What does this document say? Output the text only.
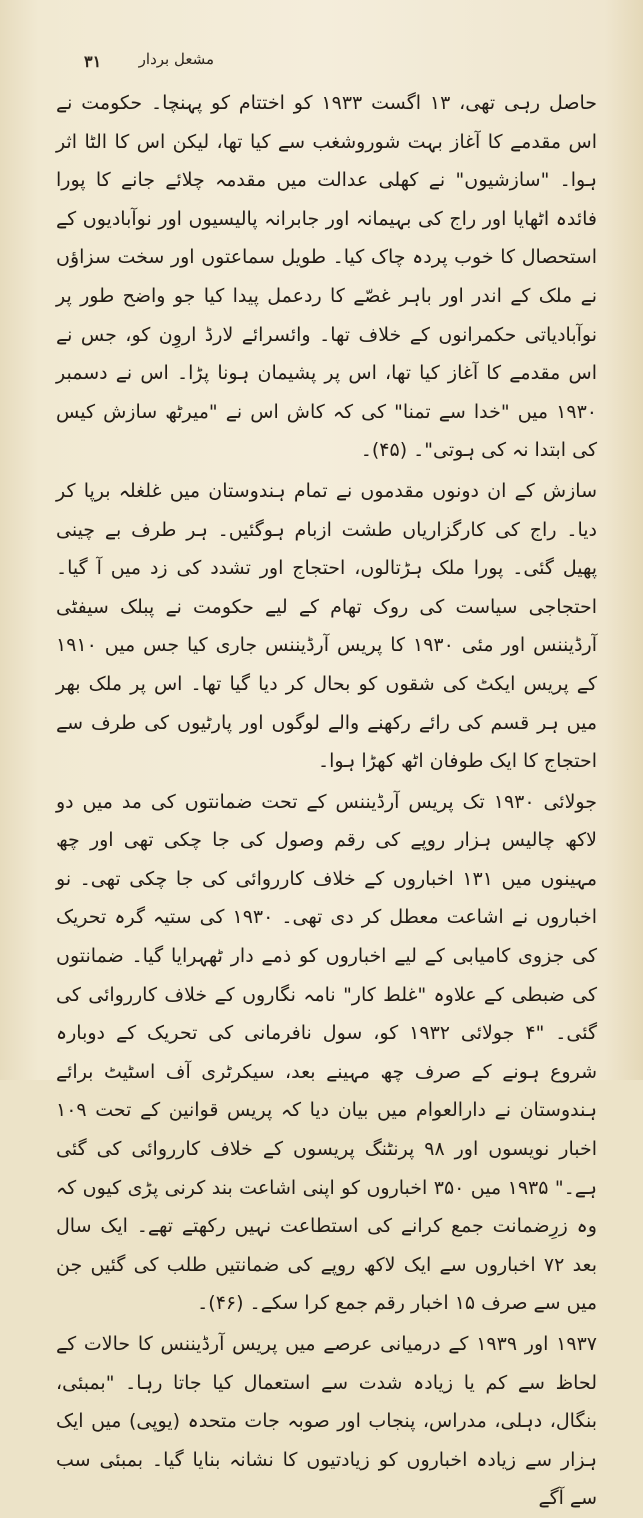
۳۱ مشعل بردار

حاصل رہی تھی، ۱۳ اگست ۱۹۳۳ کو اختتام کو پہنچا۔ حکومت نے اس مقدمے کا آغاز بہت شوروشغب سے کیا تھا، لیکن اس کا الٹا اثر ہوا۔ "سازشیوں" نے کھلی عدالت میں مقدمہ چلائے جانے کا پورا فائدہ اٹھایا اور راج کی بہیمانہ اور جابرانہ پالیسیوں اور نوآبادیوں کے استحصال کا خوب پردہ چاک کیا۔ طویل سماعتوں اور سخت سزاؤں نے ملک کے اندر اور باہر غصّے کا ردعمل پیدا کیا جو واضح طور پر نوآبادیاتی حکمرانوں کے خلاف تھا۔ وائسرائے لارڈ اروِن کو، جس نے اس مقدمے کا آغاز کیا تھا، اس پر پشیمان ہونا پڑا۔ اس نے دسمبر ۱۹۳۰ میں "خدا سے تمنا" کی کہ کاش اس نے "میرٹھ سازش کیس کی ابتدا نہ کی ہوتی"۔ (۴۵)۔

سازش کے ان دونوں مقدموں نے تمام ہندوستان میں غلغلہ برپا کر دیا۔ راج کی کارگزاریاں طشت ازبام ہوگئیں۔ ہر طرف بے چینی پھیل گئی۔ پورا ملک ہڑتالوں، احتجاج اور تشدد کی زد میں آ گیا۔ احتجاجی سیاست کی روک تھام کے لیے حکومت نے پبلک سیفٹی آرڈیننس اور مئی ۱۹۳۰ کا پریس آرڈیننس جاری کیا جس میں ۱۹۱۰ کے پریس ایکٹ کی شقوں کو بحال کر دیا گیا تھا۔ اس پر ملک بھر میں ہر قسم کی رائے رکھنے والے لوگوں اور پارٹیوں کی طرف سے احتجاج کا ایک طوفان اٹھ کھڑا ہوا۔

جولائی ۱۹۳۰ تک پریس آرڈیننس کے تحت ضمانتوں کی مد میں دو لاکھ چالیس ہزار روپے کی رقم وصول کی جا چکی تھی اور چھ مہینوں میں ۱۳۱ اخباروں کے خلاف کارروائی کی جا چکی تھی۔ نو اخباروں نے اشاعت معطل کر دی تھی۔ ۱۹۳۰ کی ستیہ گرہ تحریک کی جزوی کامیابی کے لیے اخباروں کو ذمے دار ٹھہرایا گیا۔ ضمانتوں کی ضبطی کے علاوہ "غلط کار" نامہ نگاروں کے خلاف کارروائی کی گئی۔ "۴ جولائی ۱۹۳۲ کو، سول نافرمانی کی تحریک کے دوبارہ شروع ہونے کے صرف چھ مہینے بعد، سیکرٹری آف اسٹیٹ برائے ہندوستان نے دارالعوام میں بیان دیا کہ پریس قوانین کے تحت ۱۰۹ اخبار نویسوں اور ۹۸ پرنٹنگ پریسوں کے خلاف کارروائی کی گئی ہے۔" ۱۹۳۵ میں ۳۵۰ اخباروں کو اپنی اشاعت بند کرنی پڑی کیوں کہ وہ زرِضمانت جمع کرانے کی استطاعت نہیں رکھتے تھے۔ ایک سال بعد ۷۲ اخباروں سے ایک لاکھ روپے کی ضمانتیں طلب کی گئیں جن میں سے صرف ۱۵ اخبار رقم جمع کرا سکے۔ (۴۶)۔

۱۹۳۷ اور ۱۹۳۹ کے درمیانی عرصے میں پریس آرڈیننس کا حالات کے لحاظ سے کم یا زیادہ شدت سے استعمال کیا جاتا رہا۔ "بمبئی، بنگال، دہلی، مدراس، پنجاب اور صوبہ جات متحدہ (یوپی) میں ایک ہزار سے زیادہ اخباروں کو زیادتیوں کا نشانہ بنایا گیا۔ بمبئی سب سے آگے
